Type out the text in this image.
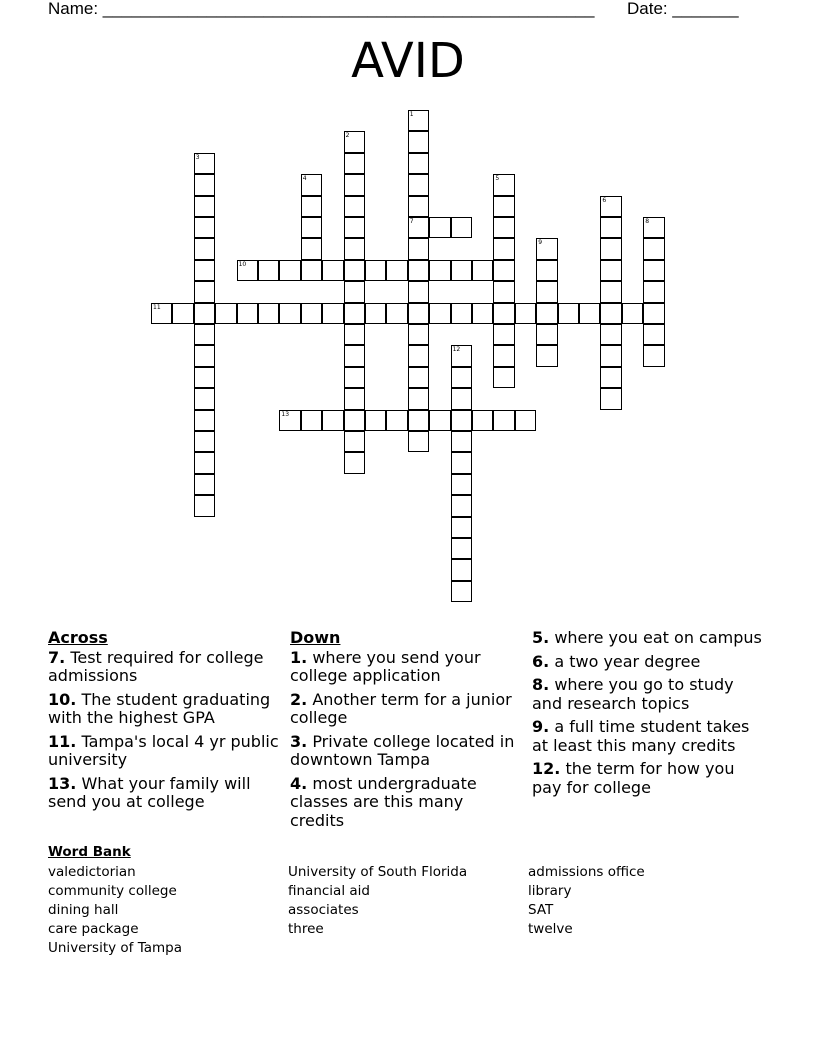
Name: ____________________________________________________ Date: _______
AVID
1
2
3
4	5
6
7	8
9
10
11
12
13
Across
7. Test required for college admissions
10. The student graduating with the highest GPA
11. Tampa's local 4 yr public university
13. What your family will send you at college
Down
1. where you send your college application
2. Another term for a junior college
3. Private college located in downtown Tampa
4. most undergraduate classes are this many credits
5. where you eat on campus
6. a two year degree
8. where you go to study and research topics
9. a full time student takes at least this many credits
12. the term for how you pay for college
Word Bank
valedictorian
community college
dining hall
care package
University of Tampa
University of South Florida
financial aid
associates
three
admissions office
library
SAT
twelve
